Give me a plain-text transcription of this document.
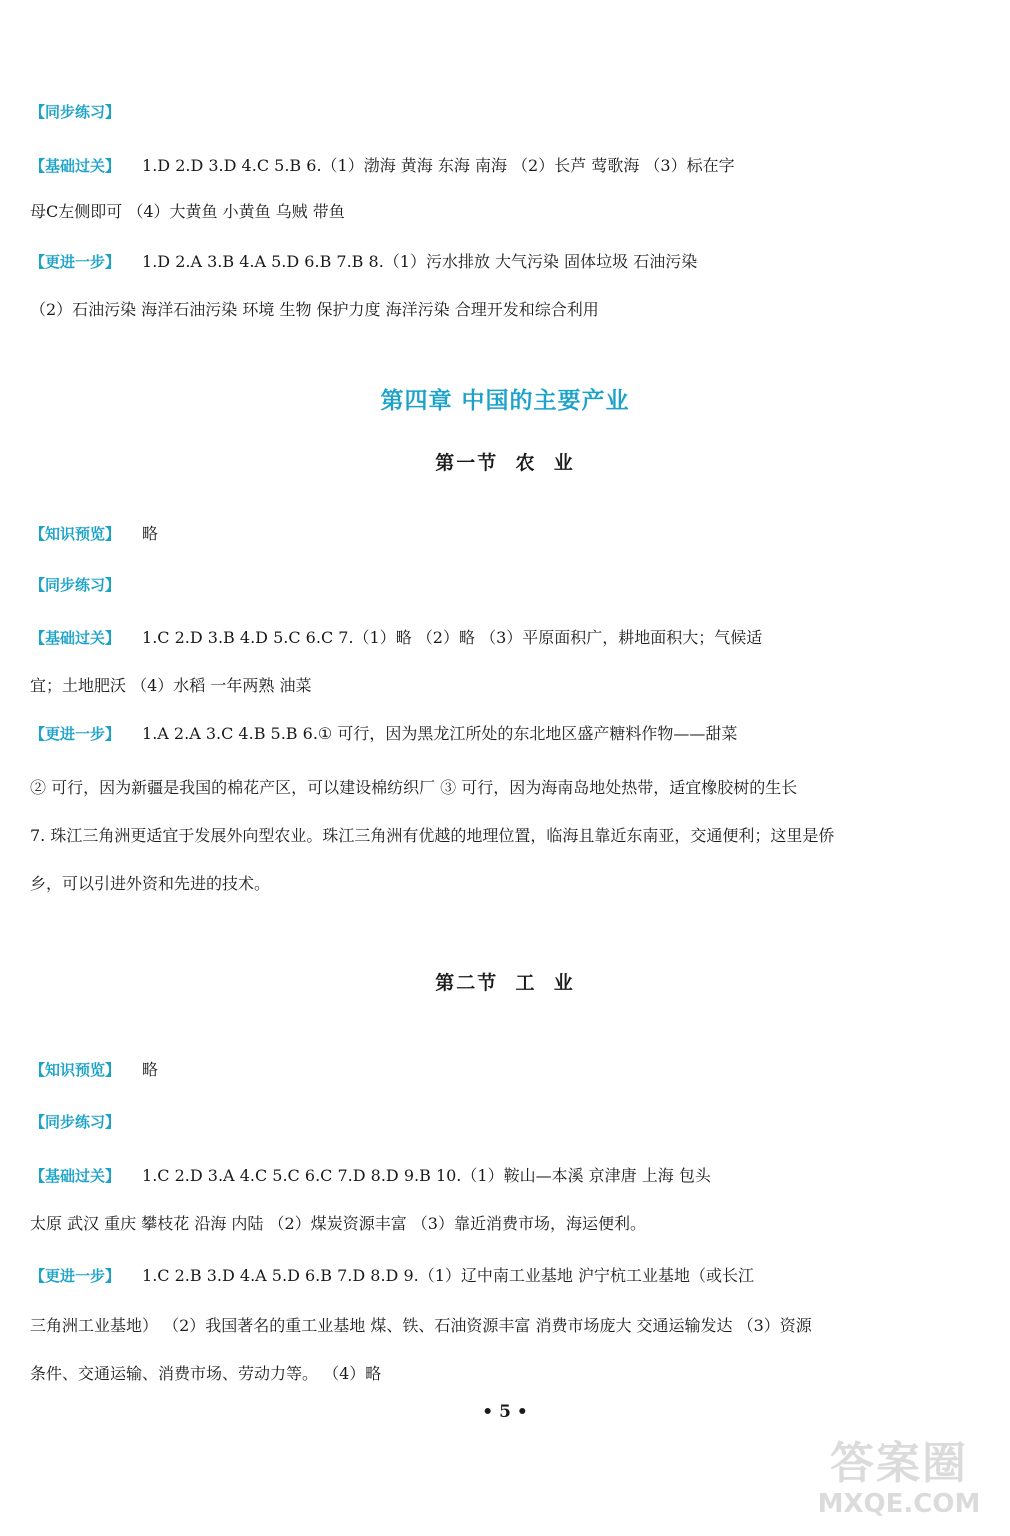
【同步练习】
【基础过关】 1.D 2.D 3.D 4.C 5.B 6.（1）渤海 黄海 东海 南海 （2）长芦 莺歌海 （3）标在字
母C左侧即可 （4）大黄鱼 小黄鱼 乌贼 带鱼
【更进一步】 1.D 2.A 3.B 4.A 5.D 6.B 7.B 8.（1）污水排放 大气污染 固体垃圾 石油污染
（2）石油污染 海洋石油污染 环境 生物 保护力度 海洋污染 合理开发和综合利用
第四章 中国的主要产业
第一节  农  业
【知识预览】 略
【同步练习】
【基础过关】 1.C 2.D 3.B 4.D 5.C 6.C 7.（1）略 （2）略 （3）平原面积广，耕地面积大；气候适
宜；土地肥沃 （4）水稻 一年两熟 油菜
【更进一步】 1.A 2.A 3.C 4.B 5.B 6.① 可行，因为黑龙江所处的东北地区盛产糖料作物——甜菜
② 可行，因为新疆是我国的棉花产区，可以建设棉纺织厂 ③ 可行，因为海南岛地处热带，适宜橡胶树的生长
7. 珠江三角洲更适宜于发展外向型农业。珠江三角洲有优越的地理位置，临海且靠近东南亚，交通便利；这里是侨
乡，可以引进外资和先进的技术。
第二节  工  业
【知识预览】 略
【同步练习】
【基础过关】 1.C 2.D 3.A 4.C 5.C 6.C 7.D 8.D 9.B 10.（1）鞍山—本溪 京津唐 上海 包头
太原 武汉 重庆 攀枝花 沿海 内陆 （2）煤炭资源丰富 （3）靠近消费市场，海运便利。
【更进一步】 1.C 2.B 3.D 4.A 5.D 6.B 7.D 8.D 9.（1）辽中南工业基地 沪宁杭工业基地（或长江
三角洲工业基地） （2）我国著名的重工业基地 煤、铁、石油资源丰富 消费市场庞大 交通运输发达 （3）资源
条件、交通运输、消费市场、劳动力等。 （4）略
• 5 •
答案圈
MXQE.COM
